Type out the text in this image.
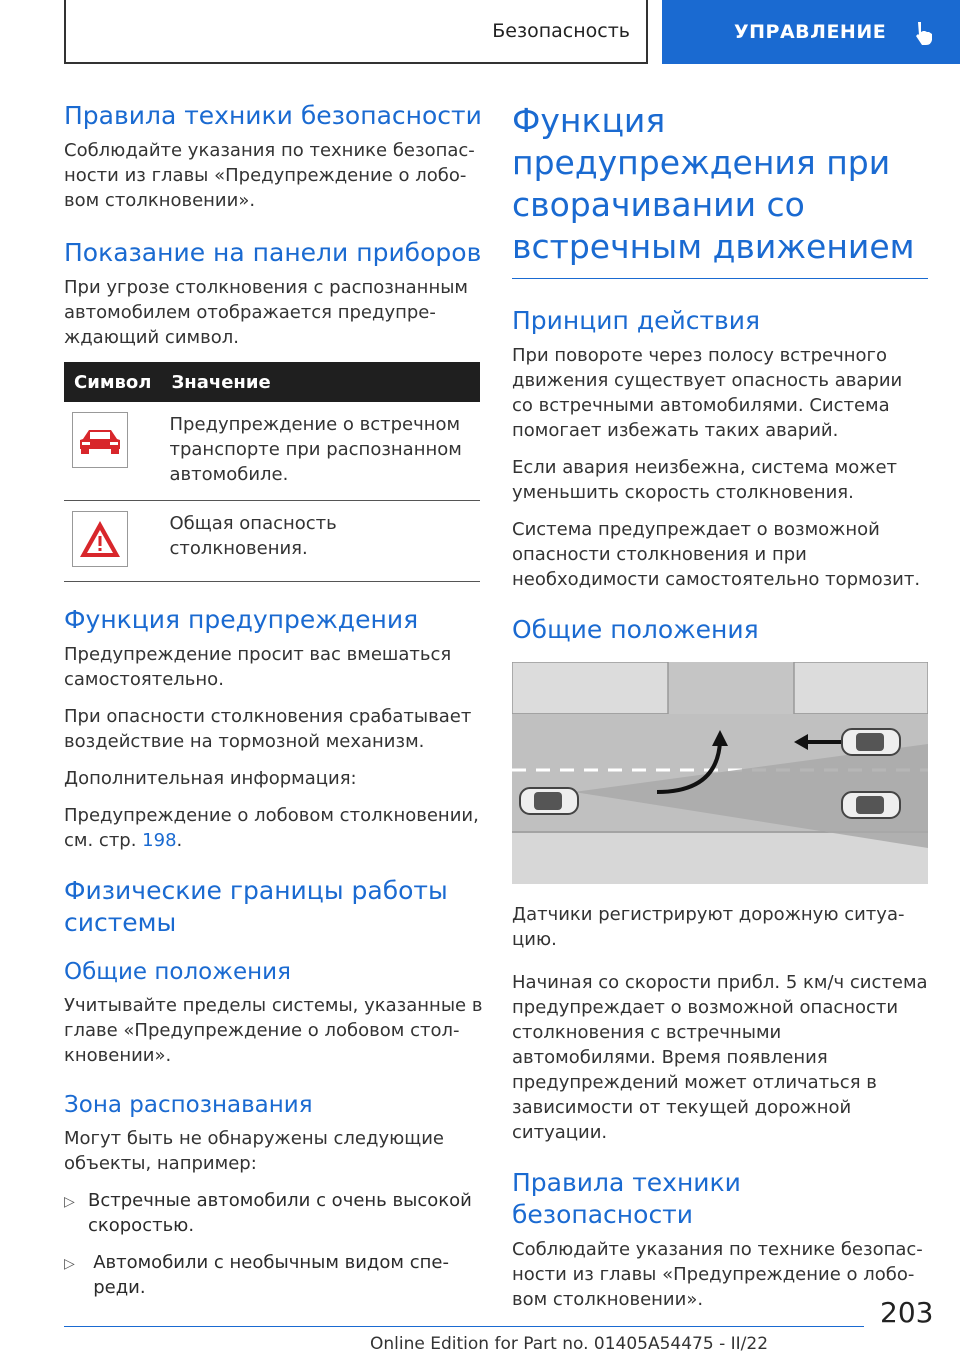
Безопасность	УПРАВЛЕНИЕ
Правила техники безопасности

Соблюдайте указания по технике безопасности из главы «Предупреждение о лобовом столкновении».

Показание на панели приборов

При угрозе столкновения с распознанным автомобилем отображается предупреждающий символ.

Символ	Значение

	Предупреждение о встречном транспорте при распознанном автомобиле.

	Общая опасность столкновения.
Функция предупреждения

Предупреждение просит вас вмешаться самостоятельно.

При опасности столкновения срабатывает воздействие на тормозной механизм.

Дополнительная информация:

Предупреждение о лобовом столкновении, см. стр. 198.

Физические границы работы системы
Общие положения

Учитывайте пределы системы, указанные в главе «Предупреждение о лобовом столкновении».

Зона распознавания

Могут быть не обнаружены следующие объекты, например:

▷ Встречные автомобили с очень высокой скоростью.
▷	Автомобили с необычным видом спереди.
Функция предупреждения при сворачивании со встречным движением
Принцип действия

При повороте через полосу встречного движения существует опасность аварии со встречными автомобилями. Система помогает избежать таких аварий.

Если авария неизбежна, система может уменьшить скорость столкновения.

Система предупреждает о возможной опасности столкновения и при необходимости самостоятельно тормозит.

Общие положения

Датчики регистрируют дорожную ситуацию.

Начиная со скорости прибл. 5 км/ч система предупреждает о возможной опасности столкновения с встречными автомобилями. Время появления предупреждений может отличаться в зависимости от текущей дорожной ситуации.

Правила техники безопасности

Соблюдайте указания по технике безопасности из главы «Предупреждение о лобовом столкновении».	203
Online Edition for Part no. 01405A54475 - II/22
